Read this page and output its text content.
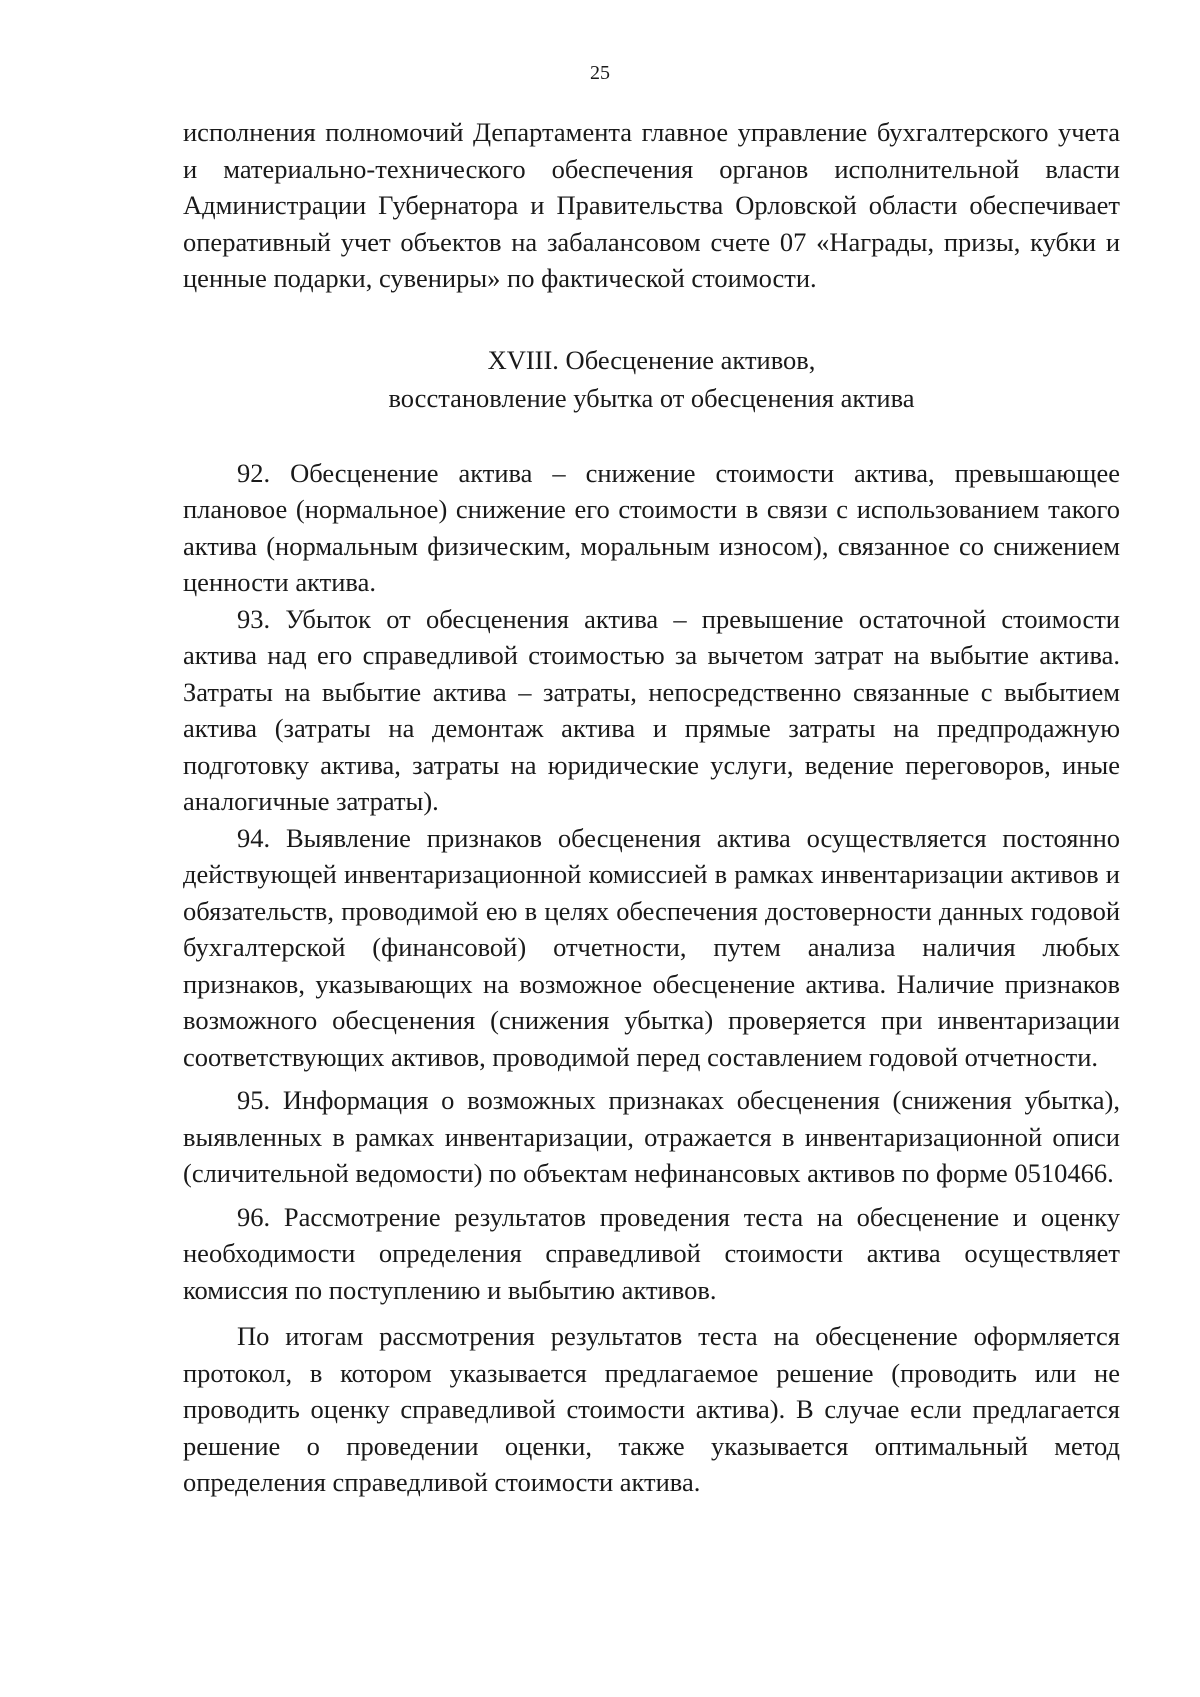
25

исполнения полномочий Департамента главное управление бухгалтерского учета и материально-технического обеспечения органов исполнительной власти Администрации Губернатора и Правительства Орловской области обеспечивает оперативный учет объектов на забалансовом счете 07 «Награды, призы, кубки и ценные подарки, сувениры» по фактической стоимости.

XVIII. Обесценение активов,
восстановление убытка от обесценения актива

92. Обесценение актива – снижение стоимости актива, превышающее плановое (нормальное) снижение его стоимости в связи с использованием такого актива (нормальным физическим, моральным износом), связанное со снижением ценности актива.

93. Убыток от обесценения актива – превышение остаточной стоимости актива над его справедливой стоимостью за вычетом затрат на выбытие актива. Затраты на выбытие актива – затраты, непосредственно связанные с выбытием актива (затраты на демонтаж актива и прямые затраты на предпродажную подготовку актива, затраты на юридические услуги, ведение переговоров, иные аналогичные затраты).

94. Выявление признаков обесценения актива осуществляется постоянно действующей инвентаризационной комиссией в рамках инвентаризации активов и обязательств, проводимой ею в целях обеспечения достоверности данных годовой бухгалтерской (финансовой) отчетности, путем анализа наличия любых признаков, указывающих на возможное обесценение актива. Наличие признаков возможного обесценения (снижения убытка) проверяется при инвентаризации соответствующих активов, проводимой перед составлением годовой отчетности.

95. Информация о возможных признаках обесценения (снижения убытка), выявленных в рамках инвентаризации, отражается в инвентаризационной описи (сличительной ведомости) по объектам нефинансовых активов по форме 0510466.

96. Рассмотрение результатов проведения теста на обесценение и оценку необходимости определения справедливой стоимости актива осуществляет комиссия по поступлению и выбытию активов.

По итогам рассмотрения результатов теста на обесценение оформляется протокол, в котором указывается предлагаемое решение (проводить или не проводить оценку справедливой стоимости актива). В случае если предлагается решение о проведении оценки, также указывается оптимальный метод определения справедливой стоимости актива.
